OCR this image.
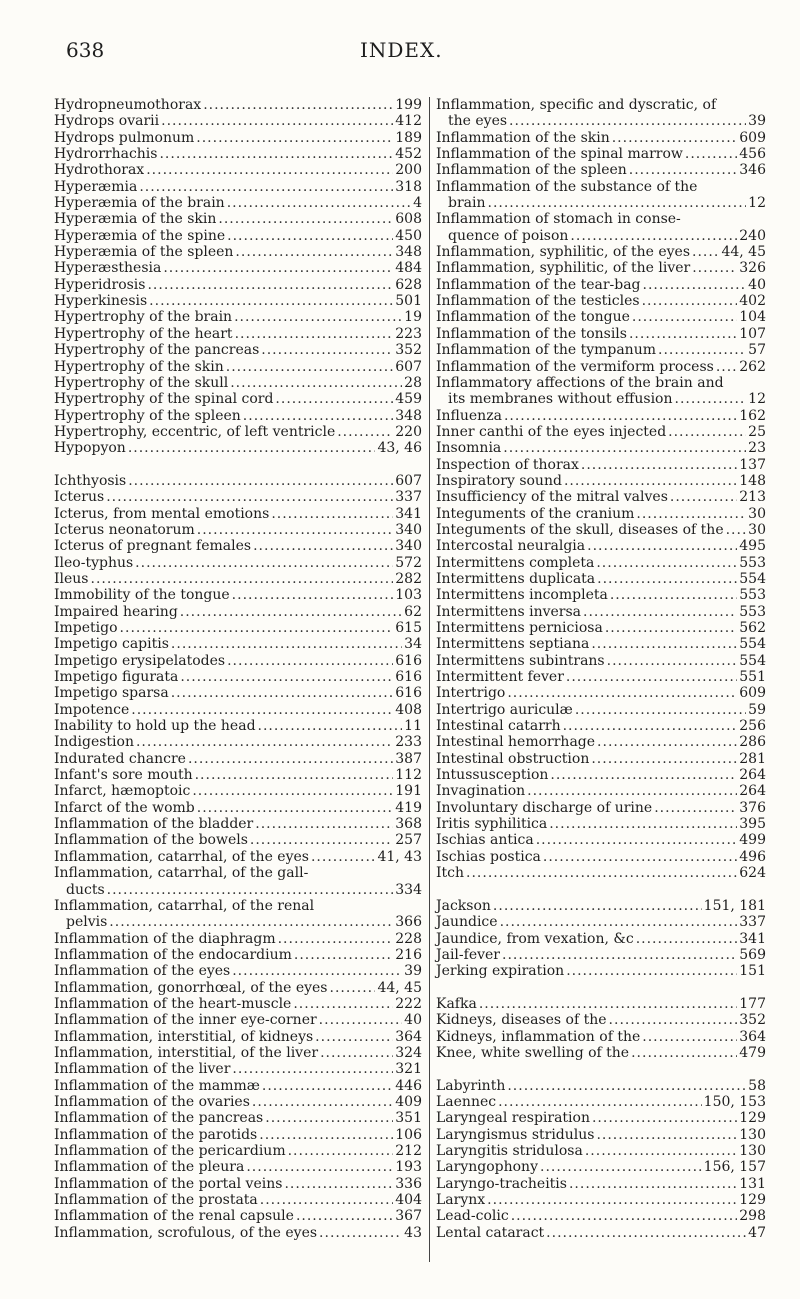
638	INDEX.
Hydropneumothorax .....	199
Hydrops ovarii .....	412
Hydrops pulmonum .....	189
Hydrorrhachis .....	452
Hydrothorax .....	200
Hyperæmia .....	318
Hyperæmia of the brain .....	4
Hyperæmia of the skin .....	608
Hyperæmia of the spine .....	450
Hyperæmia of the spleen .....	348
Hyperæsthesia .....	484
Hyperidrosis .....	628
Hyperkinesis .....	501
Hypertrophy of the brain .....	19
Hypertrophy of the heart .....	223
Hypertrophy of the pancreas .....	352
Hypertrophy of the skin .....	607
Hypertrophy of the skull .....	28
Hypertrophy of the spinal cord .....	459
Hypertrophy of the spleen .....	348
Hypertrophy, eccentric, of left ventricle .....	220
Hypopyon .....	43, 46
Ichthyosis .....	607
Icterus .....	337
Icterus, from mental emotions .....	341
Icterus neonatorum .....	340
Icterus of pregnant females .....	340
Ileo-typhus .....	572
Ileus .....	282
Immobility of the tongue .....	103
Impaired hearing .....	62
Impetigo .....	615
Impetigo capitis .....	34
Impetigo erysipelatodes .....	616
Impetigo figurata .....	616
Impetigo sparsa .....	616
Impotence .....	408
Inability to hold up the head .....	11
Indigestion .....	233
Indurated chancre .....	387
Infant's sore mouth .....	112
Infarct, hæmoptoic .....	191
Infarct of the womb .....	419
Inflammation of the bladder .....	368
Inflammation of the bowels .....	257
Inflammation, catarrhal, of the eyes .....	41, 43
Inflammation, catarrhal, of the gall-
ducts .....	334
Inflammation, catarrhal, of the renal
pelvis .....	366
Inflammation of the diaphragm .....	228
Inflammation of the endocardium .....	216
Inflammation of the eyes .....	39
Inflammation, gonorrhœal, of the eyes .....	44, 45
Inflammation of the heart-muscle .....	222
Inflammation of the inner eye-corner .....	40
Inflammation, interstitial, of kidneys .....	364
Inflammation, interstitial, of the liver .....	324
Inflammation of the liver .....	321
Inflammation of the mammæ .....	446
Inflammation of the ovaries .....	409
Inflammation of the pancreas .....	351
Inflammation of the parotids .....	106
Inflammation of the pericardium .....	212
Inflammation of the pleura .....	193
Inflammation of the portal veins .....	336
Inflammation of the prostata .....	404
Inflammation of the renal capsule .....	367
Inflammation, scrofulous, of the eyes .....	43
Inflammation, specific and dyscratic, of
the eyes .....	39
Inflammation of the skin .....	609
Inflammation of the spinal marrow .....	456
Inflammation of the spleen .....	346
Inflammation of the substance of the
brain .....	12
Inflammation of stomach in conse-
quence of poison .....	240
Inflammation, syphilitic, of the eyes ..... 44, 45
Inflammation, syphilitic, of the liver .....	326
Inflammation of the tear-bag .....	40
Inflammation of the testicles .....	402
Inflammation of the tongue .....	104
Inflammation of the tonsils .....	107
Inflammation of the tympanum .....	57
Inflammation of the vermiform process ..... 262
Inflammatory affections of the brain and
its membranes without effusion .....	12
Influenza .....	162
Inner canthi of the eyes injected .....	25
Insomnia .....	23
Inspection of thorax .....	137
Inspiratory sound .....	148
Insufficiency of the mitral valves .....	213
Integuments of the cranium .....	30
Integuments of the skull, diseases of the ..... 30
Intercostal neuralgia .....	495
Intermittens completa .....	553
Intermittens duplicata .....	554
Intermittens incompleta .....	553
Intermittens inversa .....	553
Intermittens perniciosa .....	562
Intermittens septiana .....	554
Intermittens subintrans .....	554
Intermittent fever .....	551
Intertrigo .....	609
Intertrigo auriculæ .....	59
Intestinal catarrh .....	256
Intestinal hemorrhage .....	286
Intestinal obstruction .....	281
Intussusception .....	264
Invagination .....	264
Involuntary discharge of urine .....	376
Iritis syphilitica .....	395
Ischias antica .....	499
Ischias postica .....	496
Itch .....	624
Jackson .....	151, 181
Jaundice .....	337
Jaundice, from vexation, &c .....	341
Jail-fever .....	569
Jerking expiration .....	151
Kafka .....	177
Kidneys, diseases of the .....	352
Kidneys, inflammation of the .....	364
Knee, white swelling of the .....	479
Labyrinth .....	58
Laennec .....	150, 153
Laryngeal respiration .....	129
Laryngismus stridulus .....	130
Laryngitis stridulosa .....	130
Laryngophony .....	156, 157
Laryngo-tracheitis .....	131
Larynx .....	129
Lead-colic .....	298
Lental cataract .....	47
